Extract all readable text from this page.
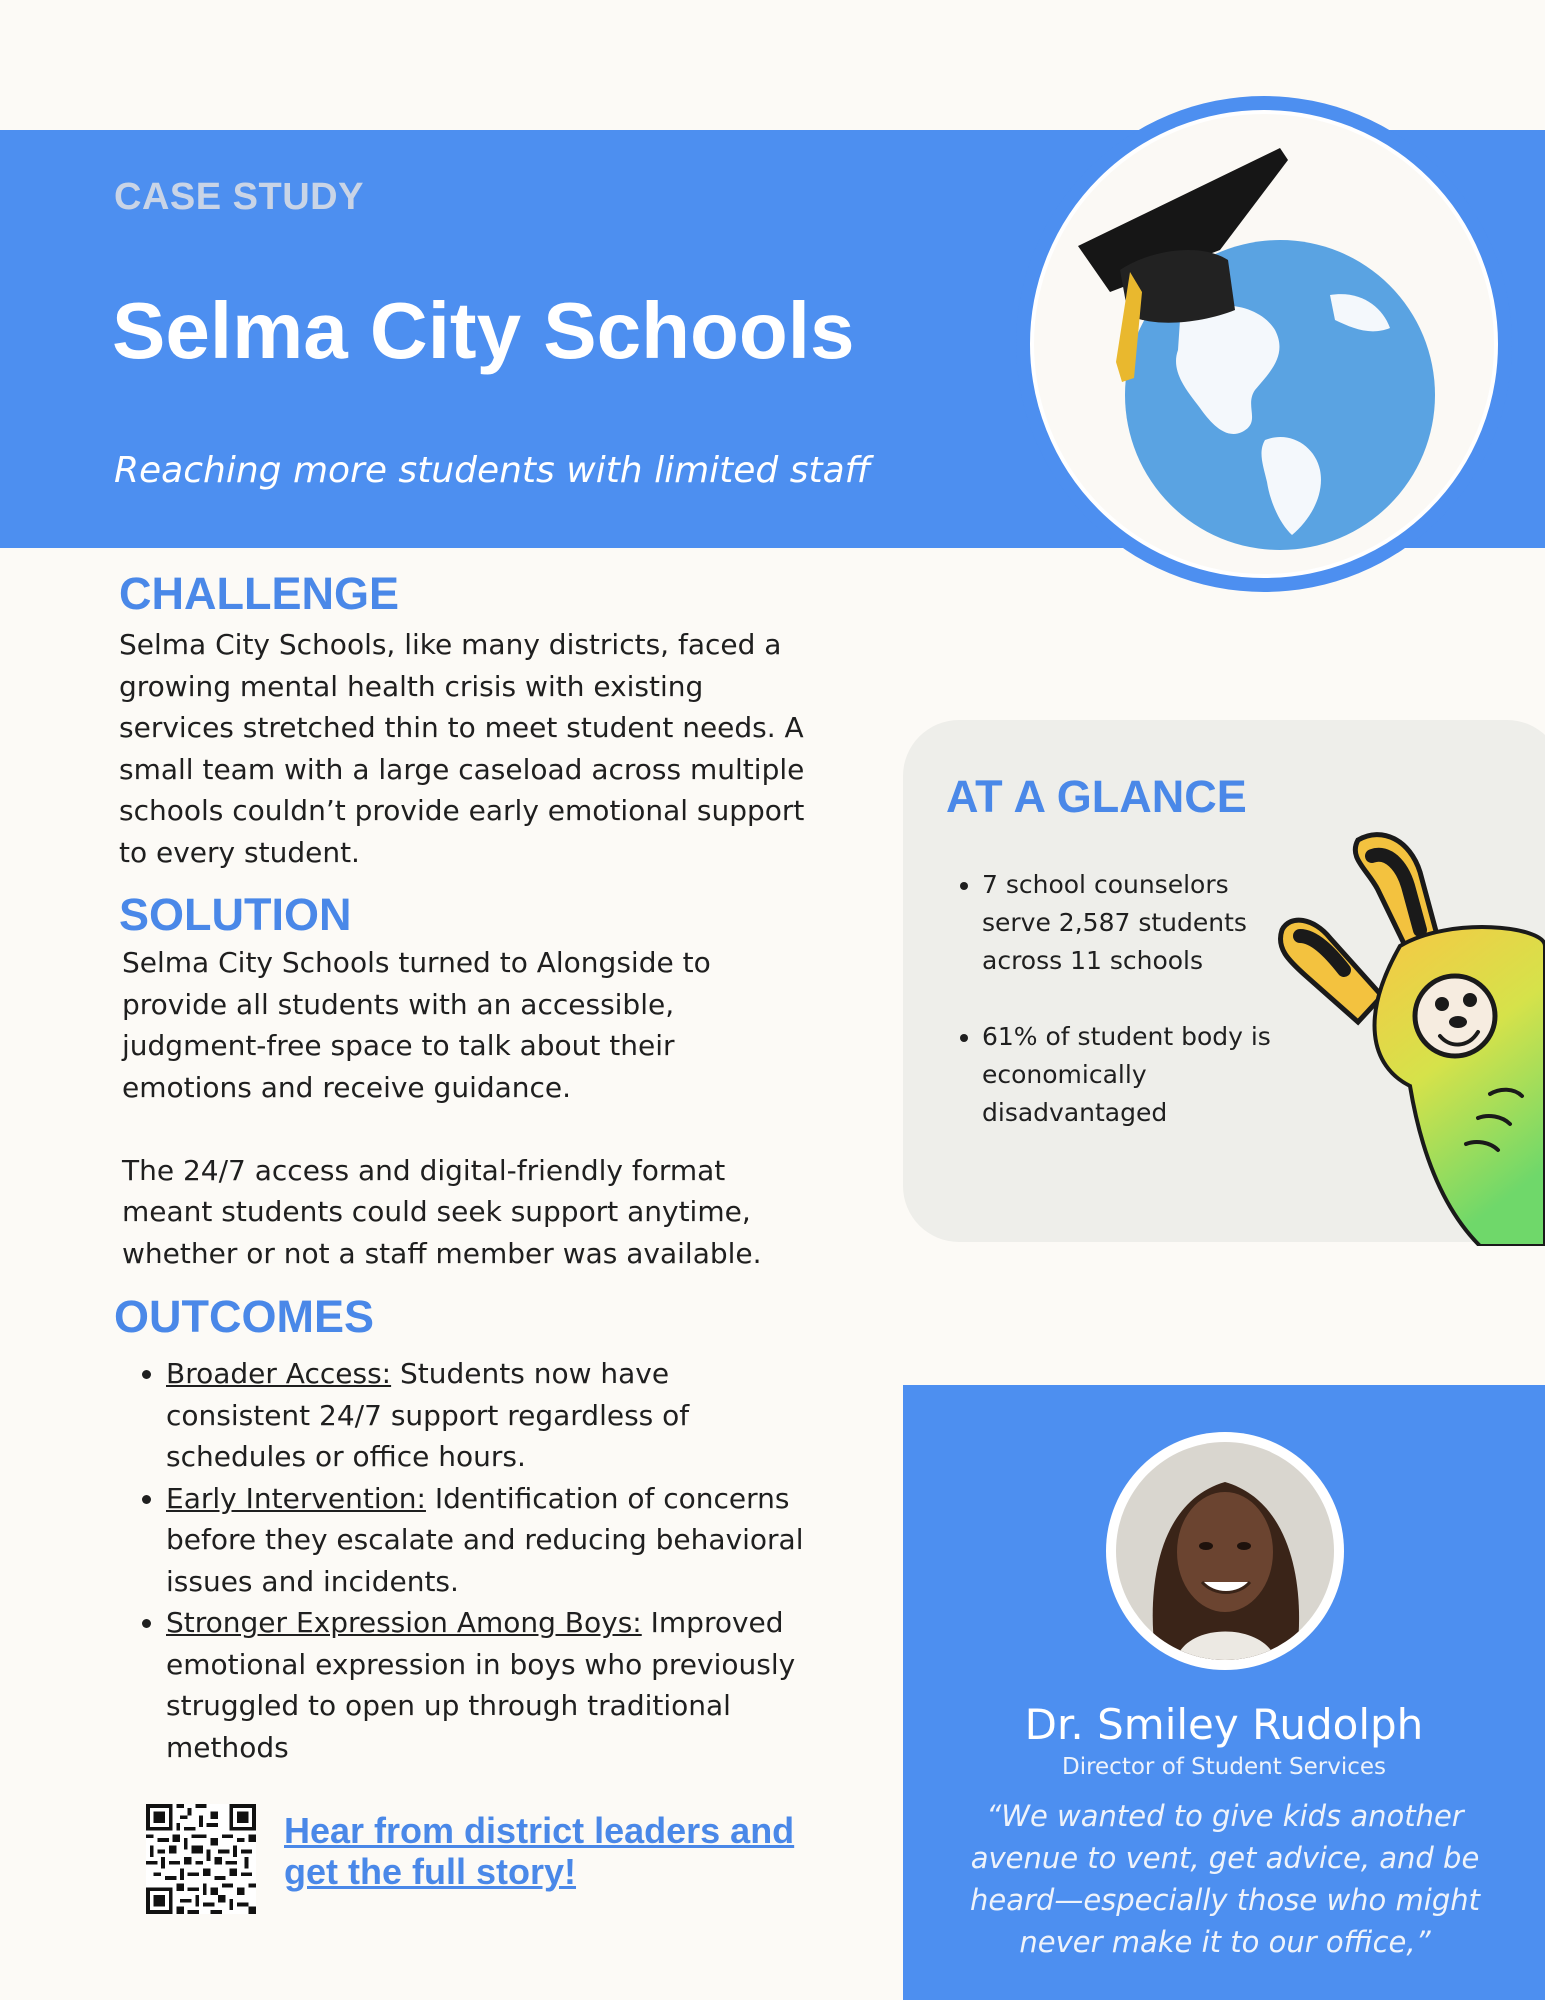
CASE STUDY
Selma City Schools
Reaching more students with limited staff
CHALLENGE
Selma City Schools, like many districts, faced a growing mental health crisis with existing services stretched thin to meet student needs. A small team with a large caseload across multiple schools couldn’t provide early emotional support to every student.
SOLUTION

Selma City Schools turned to Alongside to provide all students with an accessible, judgment-free space to talk about their emotions and receive guidance.

The 24/7 access and digital-friendly format meant students could seek support anytime, whether or not a staff member was available.

OUTCOMES
• Broader Access: Students now have consistent 24/7 support regardless of schedules or office hours.
• Early Intervention: Identification of concerns before they escalate and reducing behavioral issues and incidents.
• Stronger Expression Among Boys: Improved emotional expression in boys who previously struggled to open up through traditional methods
AT A GLANCE
• 7 school counselors serve 2,587 students across 11 schools
• 61% of student body is economically disadvantaged
Hear from district leaders and get the full story!
Dr. Smiley Rudolph
Director of Student Services
“We wanted to give kids another avenue to vent, get advice, and be heard—especially those who might never make it to our office,”
